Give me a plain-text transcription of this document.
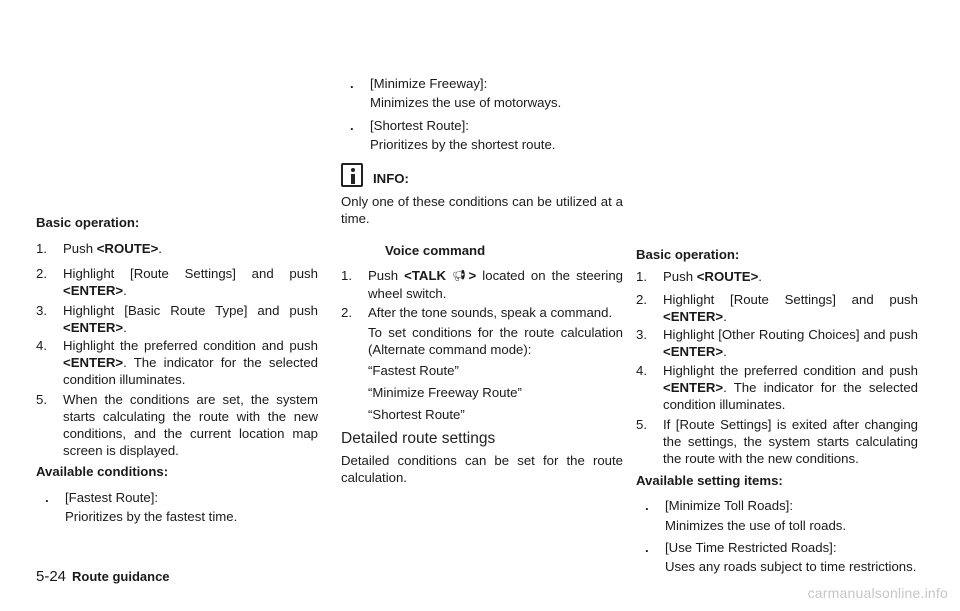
Basic operation:
1. Push <ROUTE>.
2. Highlight [Route Settings] and push <ENTER>.
3. Highlight [Basic Route Type] and push <ENTER>.
4. Highlight the preferred condition and push <ENTER>. The indicator for the selected condition illuminates.
5. When the conditions are set, the system starts calculating the route with the new conditions, and the current location map screen is displayed.
Available conditions:
. [Fastest Route]:
Prioritizes by the fastest time.
. [Minimize Freeway]:
Minimizes the use of motorways.
. [Shortest Route]:
Prioritizes by the shortest route.
INFO:
Only one of these conditions can be utilized at a time.
Voice command
1. Push <TALK 📢︎> located on the steering wheel switch.
2. After the tone sounds, speak a command.
To set conditions for the route calculation (Alternate command mode):
“Fastest Route”
“Minimize Freeway Route”
“Shortest Route”
Detailed route settings
Detailed conditions can be set for the route calculation.
Basic operation:
1. Push <ROUTE>.
2. Highlight [Route Settings] and push <ENTER>.
3. Highlight [Other Routing Choices] and push <ENTER>.
4. Highlight the preferred condition and push <ENTER>. The indicator for the selected condition illuminates.
5. If [Route Settings] is exited after changing the settings, the system starts calculating the route with the new conditions.
Available setting items:
. [Minimize Toll Roads]:
Minimizes the use of toll roads.
. [Use Time Restricted Roads]:
Uses any roads subject to time restrictions.
5-24 Route guidance
carmanualsonline.info
